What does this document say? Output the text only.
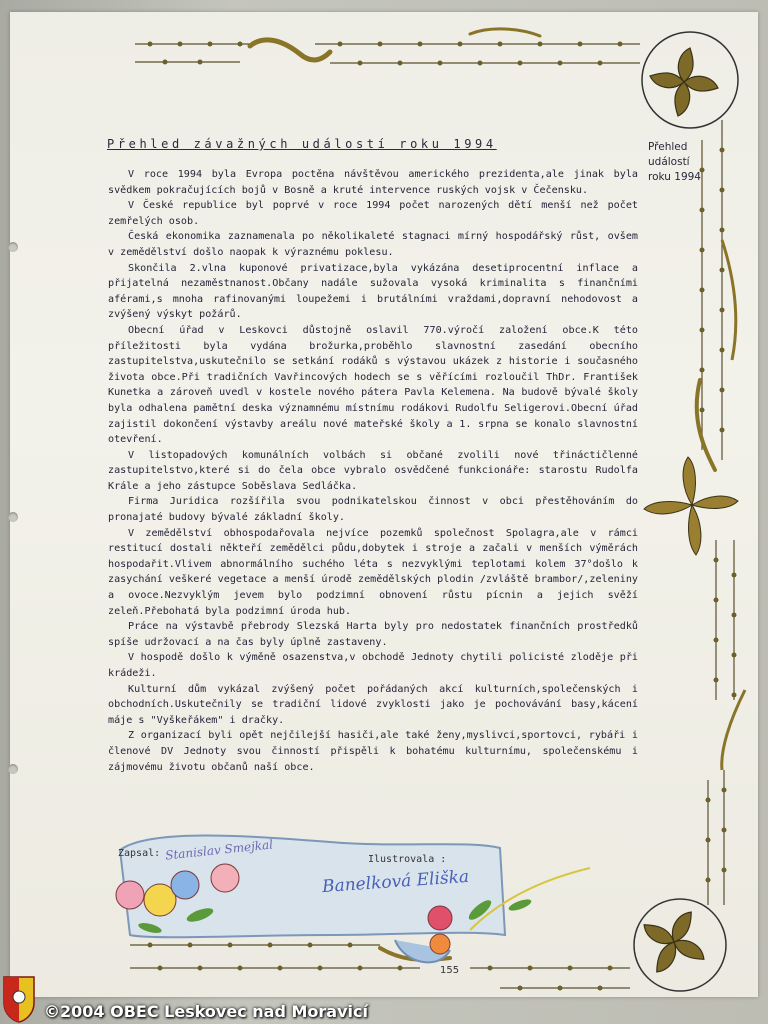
Přehled závažných událostí roku 1994	Přehled
událostí
roku 1994

V roce 1994 byla Evropa poctěna návštěvou amerického prezidenta,ale jinak byla svědkem pokračujících bojů v Bosně a kruté intervence ruských vojsk v Čečensku.

V České republice byl poprvé v roce 1994 počet narozených dětí menší než počet zemřelých osob.

Česká ekonomika zaznamenala po několikaleté stagnaci mírný hospodářský růst, ovšem v zemědělství došlo naopak k výraznému poklesu.

Skončila 2.vlna kuponové privatizace,byla vykázána desetiprocentní inflace a přijatelná nezaměstnanost.Občany nadále sužovala vysoká kriminalita s finančními aférami,s mnoha rafinovanými loupežemi i brutálními vraždami,dopravní nehodovost a zvýšený výskyt požárů.

Obecní úřad v Leskovci důstojně oslavil 770.výročí založení obce.K této příležitosti byla vydána brožurka,proběhlo slavnostní zasedání obecního zastupitelstva,uskutečnilo se setkání rodáků s výstavou ukázek z historie i současného života obce.Při tradičních Vavřincových hodech se s věřícími rozloučil ThDr. František Kunetka a zároveň uvedl v kostele nového pátera Pavla Kelemena. Na budově bývalé školy byla odhalena pamětní deska významnému místnímu rodákovi Rudolfu Seligerovi.Obecní úřad zajistil dokončení výstavby areálu nové mateřské školy a 1. srpna se konalo slavnostní otevření.

V listopadových komunálních volbách si občané zvolili nové třináctičlenné zastupitelstvo,které si do čela obce vybralo osvědčené funkcionáře: starostu Rudolfa Krále a jeho zástupce Soběslava Sedláčka.

Firma Juridica rozšířila svou podnikatelskou činnost v obci přestěhováním do pronajaté budovy bývalé základní školy.

V zemědělství obhospodařovala nejvíce pozemků společnost Spolagra,ale v rámci restitucí dostali někteří zemědělci půdu,dobytek i stroje a začali v menších výměrách hospodařit.Vlivem abnormálního suchého léta s nezvyklými teplotami kolem 37°došlo k zasychání veškeré vegetace a menší úrodě zemědělských plodin /zvláště brambor/,zeleniny a ovoce.Nezvyklým jevem bylo podzimní obnovení růstu pícnin a jejich svěží zeleň.Přebohatá byla podzimní úroda hub.

Práce na výstavbě přebrody Slezská Harta byly pro nedostatek finančních prostředků spíše udržovací a na čas byly úplně zastaveny.

V hospodě došlo k výměně osazenstva,v obchodě Jednoty chytili policisté zloděje při krádeži.

Kulturní dům vykázal zvýšený počet pořádaných akcí kulturních,společenských i obchodních.Uskutečnily se tradiční lidové zvyklosti jako je pochovávání basy,kácení máje s "Vyškeřákem" i dračky.

Z organizací byli opět nejčilejší hasiči,ale také ženy,myslivci,sportovci, rybáři i členové DV Jednoty svou činností přispěli k bohatému kulturnímu, společenskému i zájmovému životu občanů naší obce.

Zapsal: Stanislav Smejkal	Ilustrovala :
Banelková Eliška
155
©2004 OBEC Leskovec nad Moravicí
